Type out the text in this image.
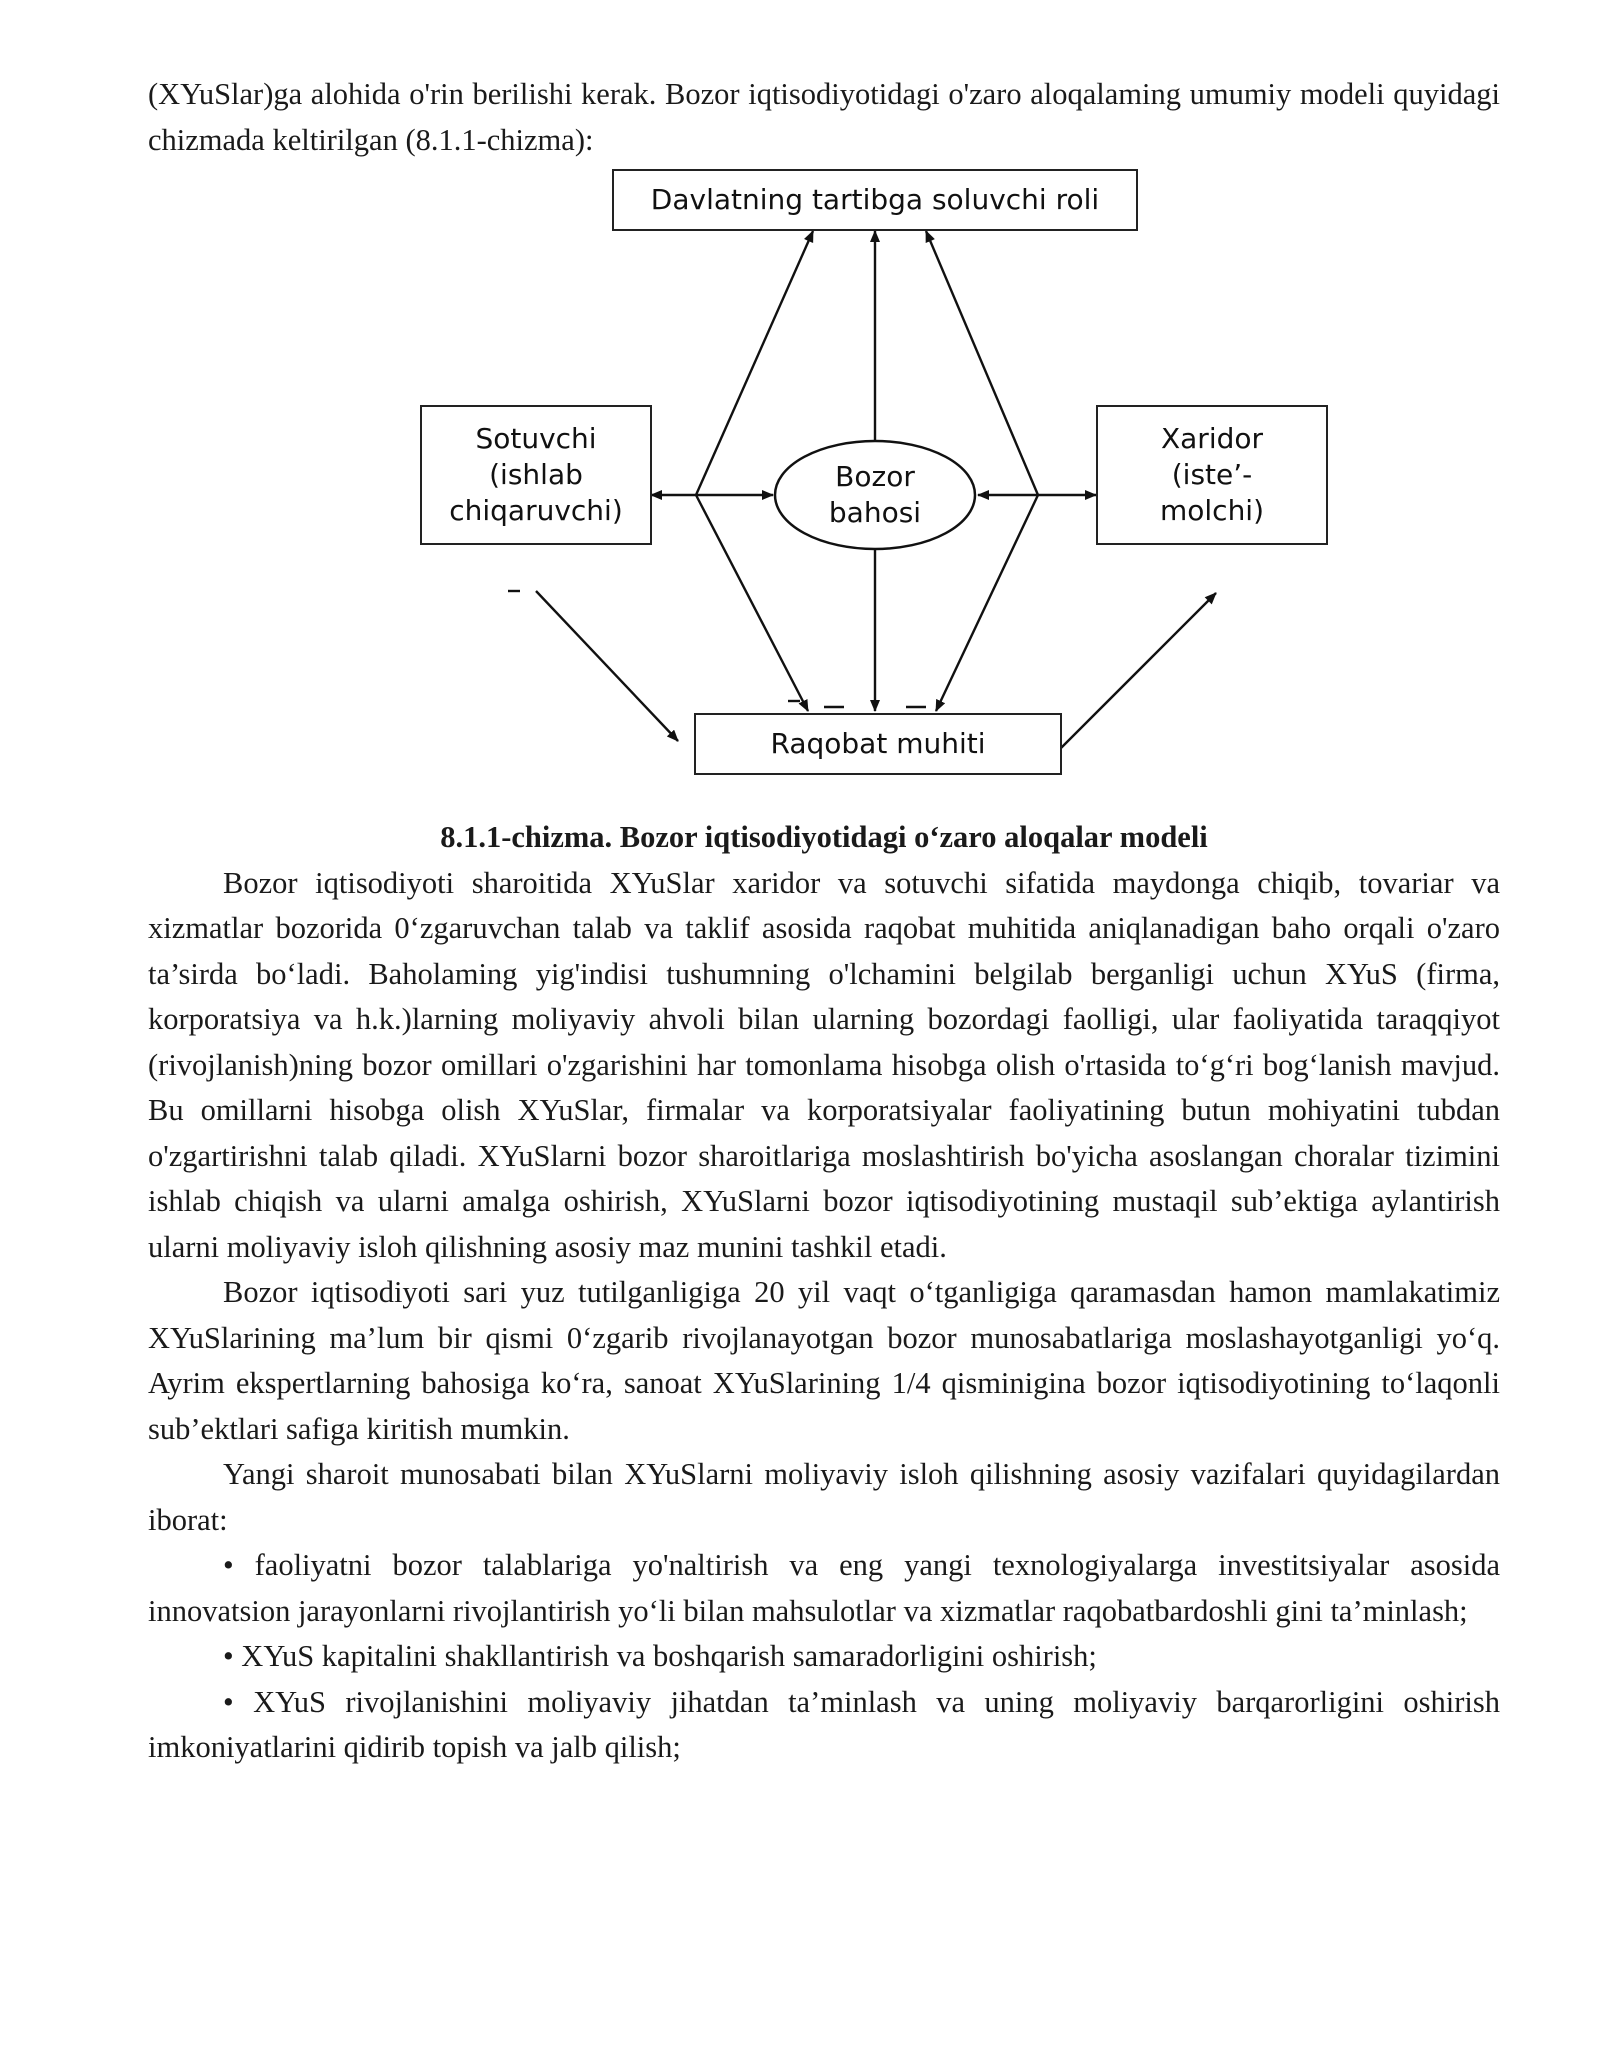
(XYuSlar)ga alohida o'rin berilishi kerak. Bozor iqtisodiyotidagi o'zaro aloqalaming umumiy modeli quyidagi chizmada keltirilgan (8.1.1-chizma):

Davlatning tartibga soluvchi roli
Sotuvchi
(ishlab
chiqaruvchi)
Xaridor
(iste’-
molchi)
Bozor
bahosi
Raqobat muhiti

8.1.1-chizma. Bozor iqtisodiyotidagi o‘zaro aloqalar modeli

Bozor iqtisodiyoti sharoitida XYuSlar xaridor va sotuvchi sifatida maydonga chiqib, tovariar va xizmatlar bozorida 0‘zgaruvchan talab va taklif asosida raqobat muhitida aniqlanadigan baho orqali o'zaro ta’sirda bo‘ladi. Baholaming yig'indisi tushumning o'lchamini belgilab berganligi uchun XYuS (firma, korporatsiya va h.k.)larning moliyaviy ahvoli bilan ularning bozordagi faolligi, ular faoliyatida taraqqiyot (rivojlanish)ning bozor omillari o'zgarishini har tomonlama hisobga olish o'rtasida to‘g‘ri bog‘lanish mavjud. Bu omillarni hisobga olish XYuSlar, firmalar va korporatsiyalar faoliyatining butun mohiyatini tubdan o'zgartirishni talab qiladi. XYuSlarni bozor sharoitlariga moslashtirish bo'yicha asoslangan choralar tizimini ishlab chiqish va ularni amalga oshirish, XYuSlarni bozor iqtisodiyotining mustaqil sub’ektiga aylantirish ularni moliyaviy isloh qilishning asosiy maz munini tashkil etadi.

Bozor iqtisodiyoti sari yuz tutilganligiga 20 yil vaqt o‘tganligiga qaramasdan hamon mamlakatimiz XYuSlarining ma’lum bir qismi 0‘zgarib rivojlanayotgan bozor munosabatlariga moslashayotganligi yo‘q. Ayrim ekspertlarning bahosiga ko‘ra, sanoat XYuSlarining 1/4 qisminigina bozor iqtisodiyotining to‘laqonli sub’ektlari safiga kiritish mumkin.

Yangi sharoit munosabati bilan XYuSlarni moliyaviy isloh qilishning asosiy vazifalari quyidagilardan iborat:

• faoliyatni bozor talablariga yo'naltirish va eng yangi texnologiyalarga investitsiyalar asosida innovatsion jarayonlarni rivojlantirish yo‘li bilan mahsulotlar va xizmatlar raqobatbardoshli gini ta’minlash;

• XYuS kapitalini shakllantirish va boshqarish samaradorligini oshirish;

• XYuS rivojlanishini moliyaviy jihatdan ta’minlash va uning moliyaviy barqarorligini oshirish imkoniyatlarini qidirib topish va jalb qilish;
